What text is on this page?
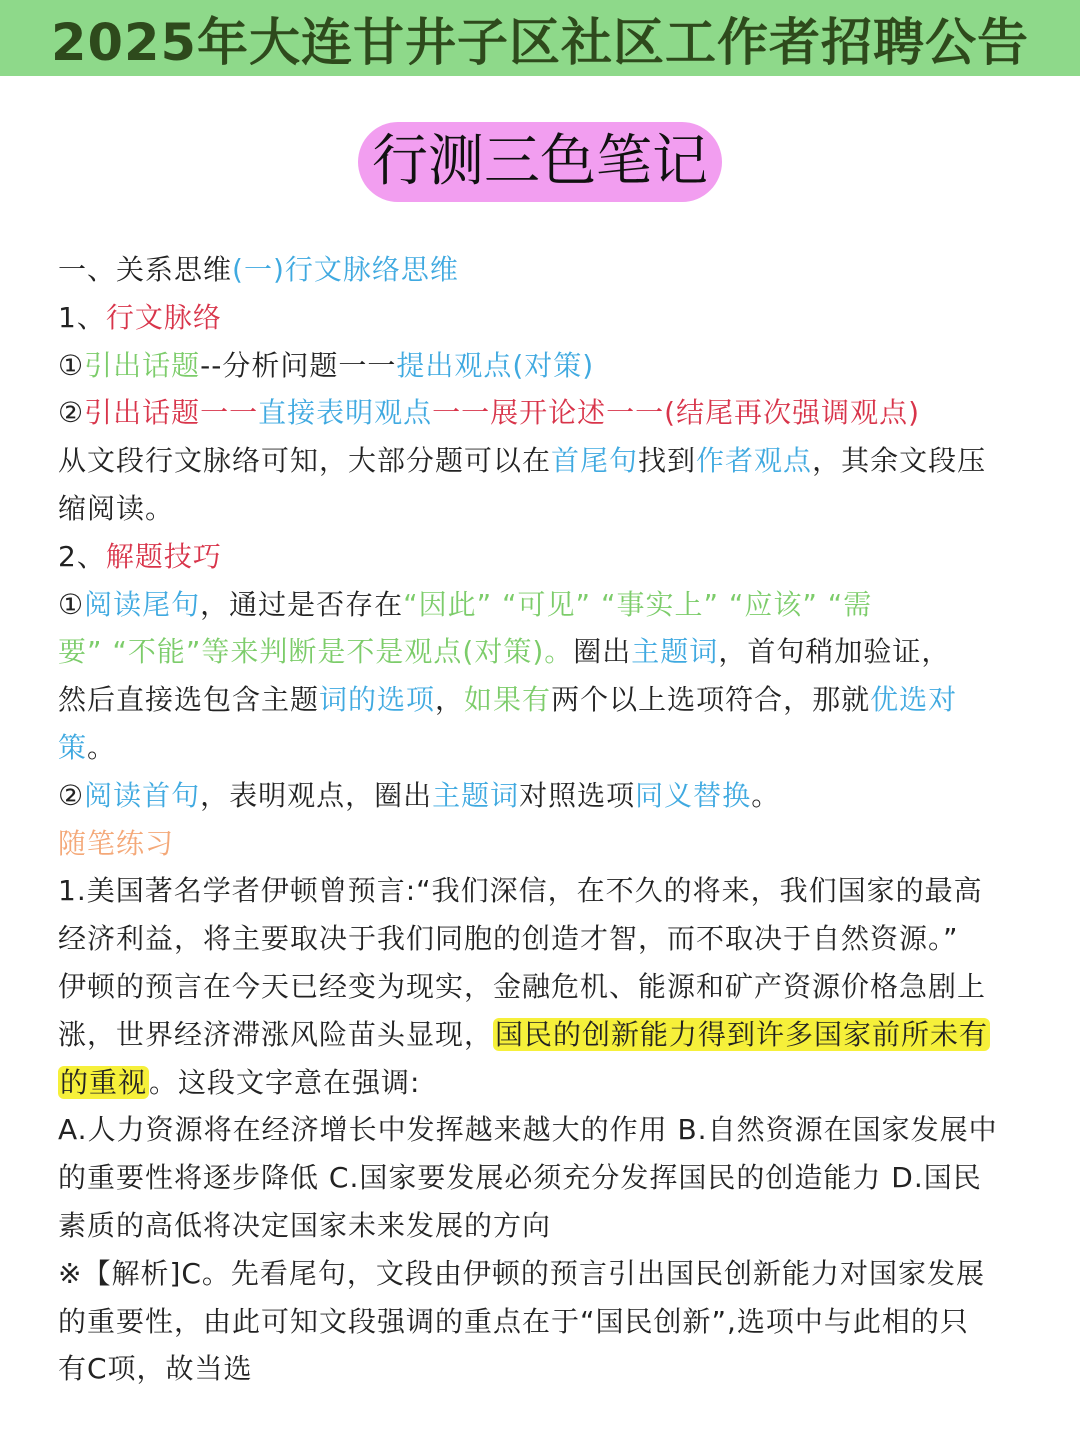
2025年大连甘井子区社区工作者招聘公告
行测三色笔记
一、关系思维(一)行文脉络思维
1、行文脉络
①引出话题--分析问题一一提出观点(对策)
②引出话题一一直接表明观点一一展开论述一一(结尾再次强调观点)
从文段行文脉络可知，大部分题可以在首尾句找到作者观点，其余文段压
缩阅读。
2、解题技巧
①阅读尾句，通过是否存在“因此” “可见” “事实上” “应该” “需
要” “不能”等来判断是不是观点(对策)。圈出主题词，首句稍加验证，
然后直接选包含主题词的选项，如果有两个以上选项符合，那就优选对
策。
②阅读首句，表明观点，圈出主题词对照选项同义替换。
随笔练习
1.美国著名学者伊顿曾预言:“我们深信，在不久的将来，我们国家的最高
经济利益，将主要取决于我们同胞的创造才智，而不取决于自然资源。”
伊顿的预言在今天已经变为现实，金融危机、能源和矿产资源价格急剧上
涨，世界经济滞涨风险苗头显现，国民的创新能力得到许多国家前所未有
的重视。这段文字意在强调:
A.人力资源将在经济增长中发挥越来越大的作用 B.自然资源在国家发展中
的重要性将逐步降低 C.国家要发展必须充分发挥国民的创造能力 D.国民
素质的高低将决定国家未来发展的方向
※【解析]C。先看尾句，文段由伊顿的预言引出国民创新能力对国家发展
的重要性，由此可知文段强调的重点在于“国民创新”,选项中与此相的只
有C项，故当选
